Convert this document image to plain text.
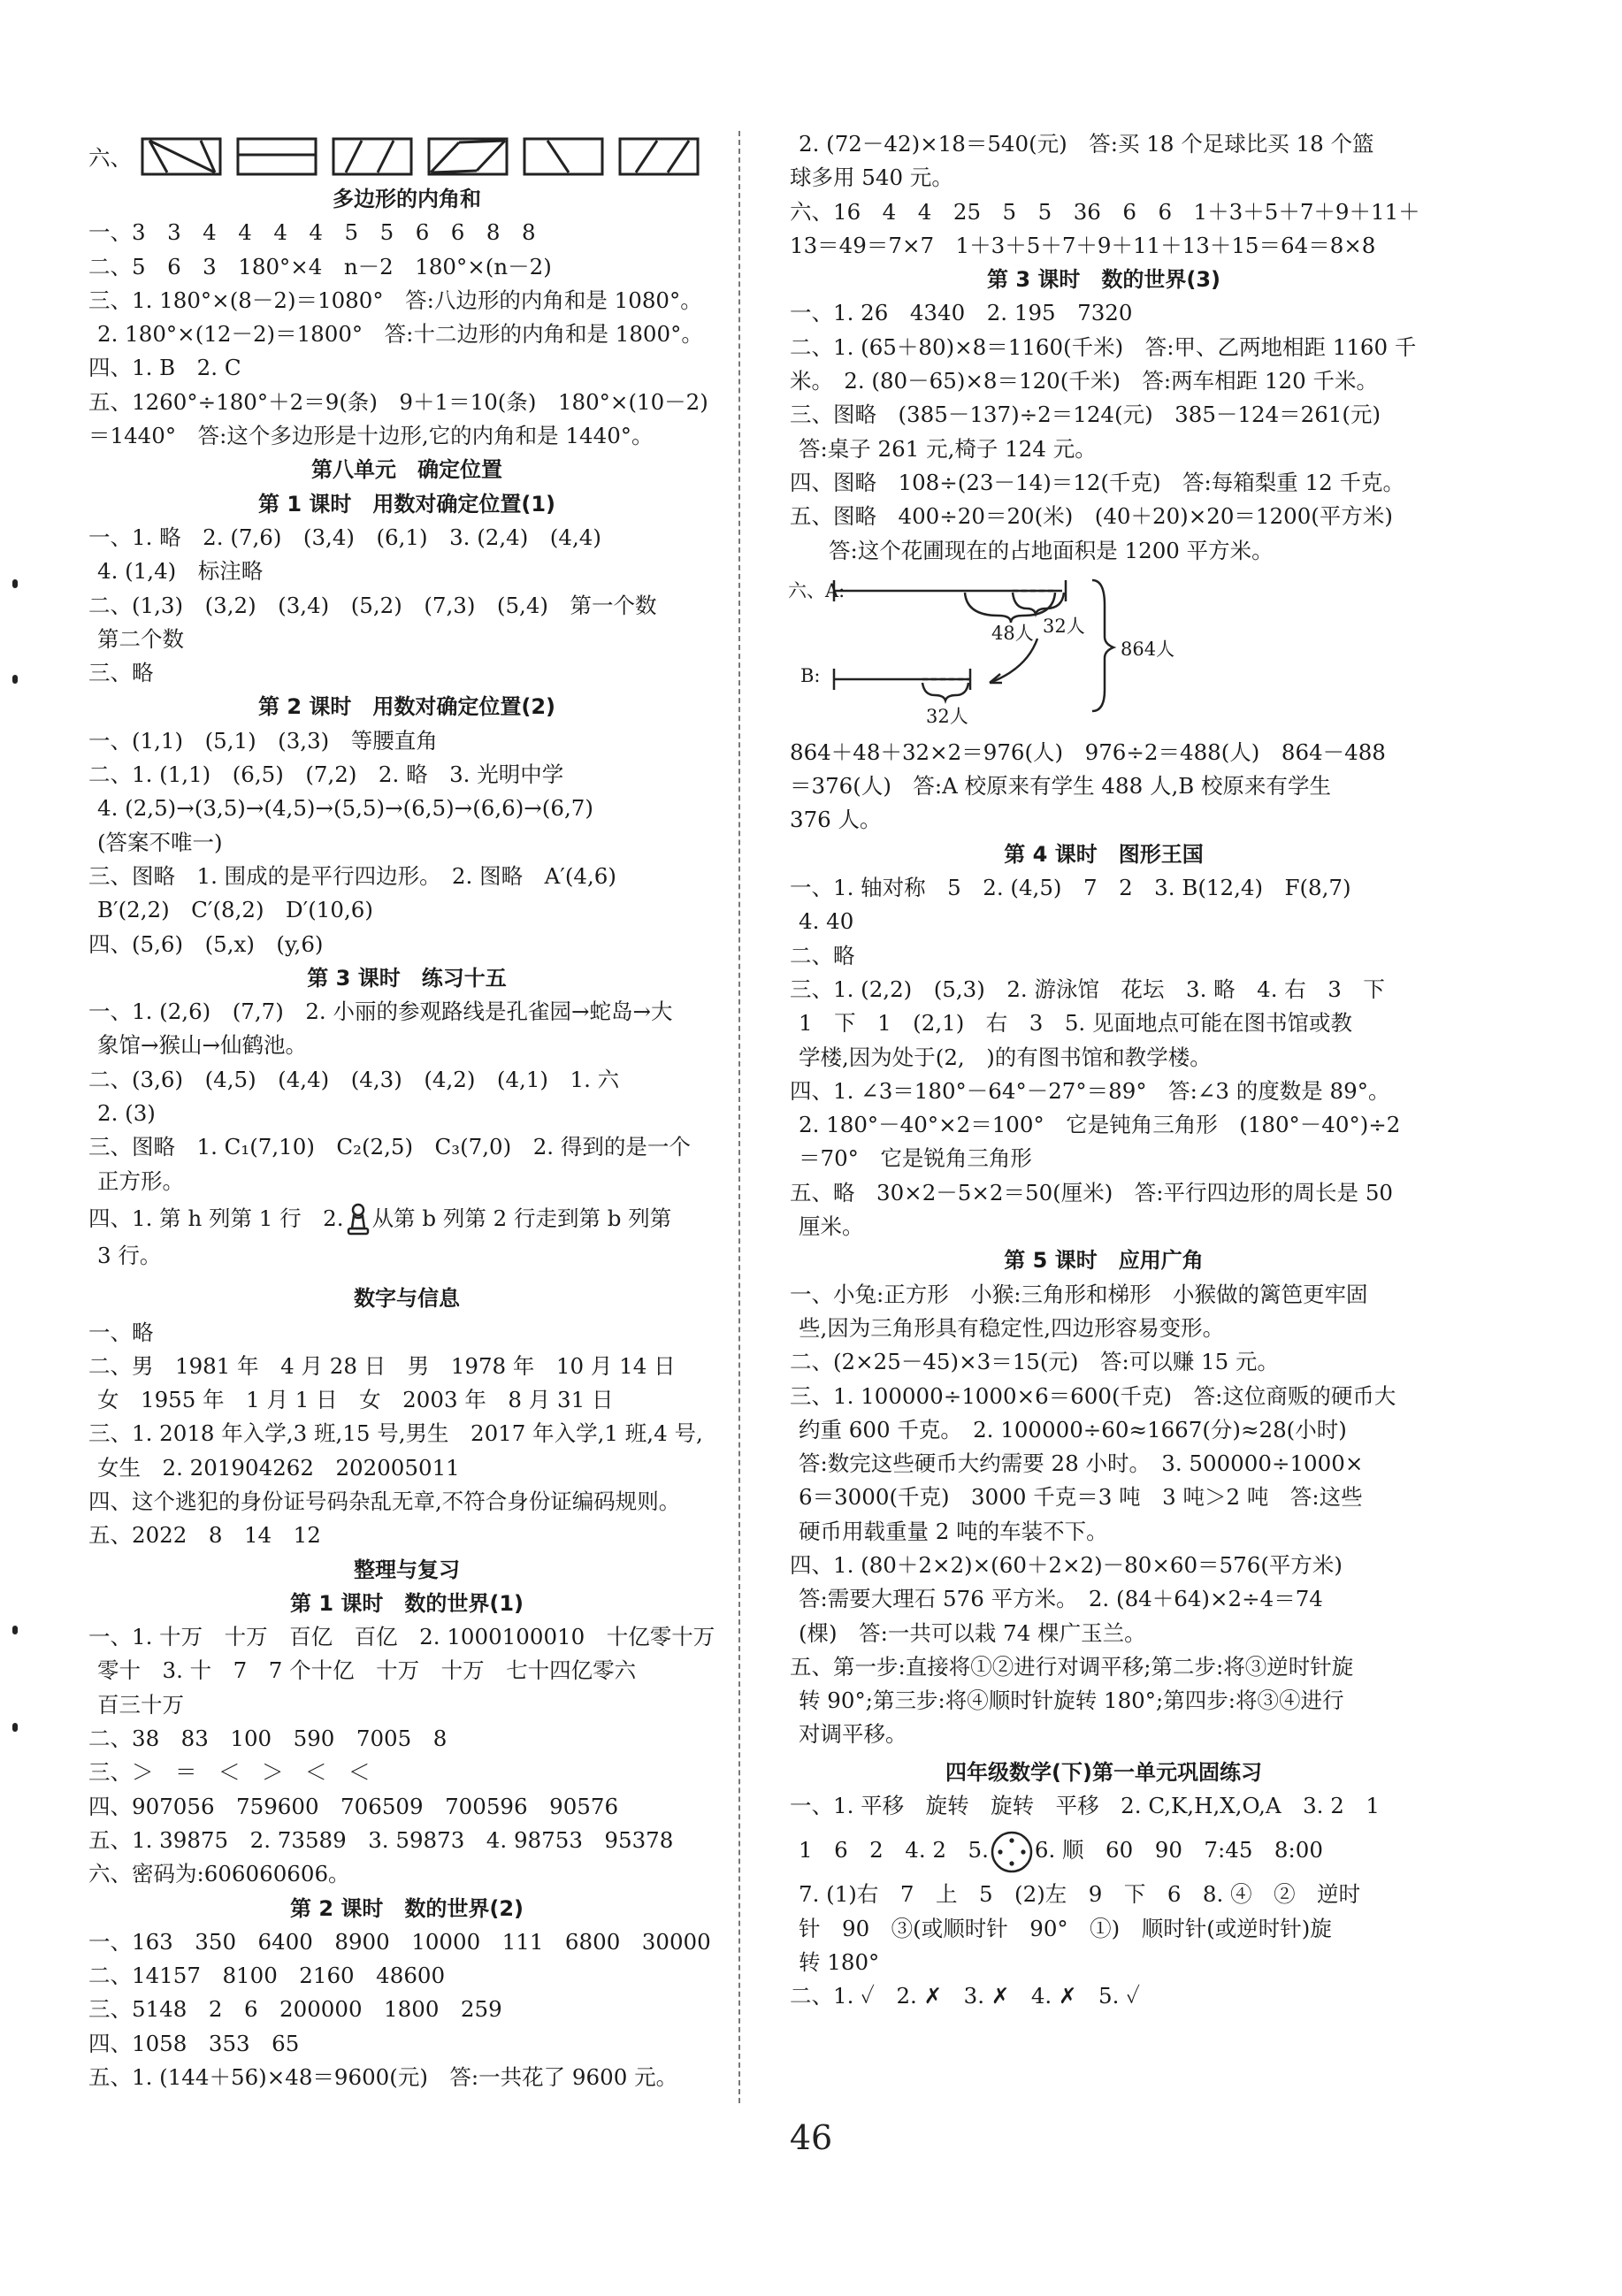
六、
多边形的内角和
一、3　3　4　4　4　4　5　5　6　6　8　8
二、5　6　3　180°×4　n－2　180°×(n－2)
三、1. 180°×(8－2)＝1080°　答:八边形的内角和是 1080°。
2. 180°×(12－2)＝1800°　答:十二边形的内角和是 1800°。
四、1. B　2. C
五、1260°÷180°＋2＝9(条)　9＋1＝10(条)　180°×(10－2)
＝1440°　答:这个多边形是十边形,它的内角和是 1440°。
第八单元　确定位置
第 1 课时　用数对确定位置(1)
一、1. 略　2. (7,6)　(3,4)　(6,1)　3. (2,4)　(4,4)
4. (1,4)　标注略
二、(1,3)　(3,2)　(3,4)　(5,2)　(7,3)　(5,4)　第一个数
第二个数
三、略
第 2 课时　用数对确定位置(2)
一、(1,1)　(5,1)　(3,3)　等腰直角
二、1. (1,1)　(6,5)　(7,2)　2. 略　3. 光明中学
4. (2,5)→(3,5)→(4,5)→(5,5)→(6,5)→(6,6)→(6,7)
(答案不唯一)
三、图略　1. 围成的是平行四边形。　2. 图略　A′(4,6)
B′(2,2)　C′(8,2)　D′(10,6)
四、(5,6)　(5,x)　(y,6)
第 3 课时　练习十五
一、1. (2,6)　(7,7)　2. 小丽的参观路线是孔雀园→蛇岛→大
象馆→猴山→仙鹤池。
二、(3,6)　(4,5)　(4,4)　(4,3)　(4,2)　(4,1)　1. 六
2. (3)
三、图略　1. C₁(7,10)　C₂(2,5)　C₃(7,0)　2. 得到的是一个
正方形。
四、1. 第 h 列第 1 行　2. 从第 b 列第 2 行走到第 b 列第
3 行。
数字与信息
一、略
二、男　1981 年　4 月 28 日　男　1978 年　10 月 14 日
女　1955 年　1 月 1 日　女　2003 年　8 月 31 日
三、1. 2018 年入学,3 班,15 号,男生　2017 年入学,1 班,4 号,
女生　2. 201904262　202005011
四、这个逃犯的身份证号码杂乱无章,不符合身份证编码规则。
五、2022　8　14　12
整理与复习
第 1 课时　数的世界(1)
一、1. 十万　十万　百亿　百亿　2. 1000100010　十亿零十万
零十　3. 十　7　7 个十亿　十万　十万　七十四亿零六
百三十万
二、38　83　100　590　7005　8
三、＞　＝　＜　＞　＜　＜
四、907056　759600　706509　700596　90576
五、1. 39875　2. 73589　3. 59873　4. 98753　95378
六、密码为:606060606。
第 2 课时　数的世界(2)
一、163　350　6400　8900　10000　111　6800　30000
二、14157　8100　2160　48600
三、5148　2　6　200000　1800　259
四、1058　353　65
五、1. (144＋56)×48＝9600(元)　答:一共花了 9600 元。
2. (72－42)×18＝540(元)　答:买 18 个足球比买 18 个篮
球多用 540 元。
六、16　4　4　25　5　5　36　6　6　1＋3＋5＋7＋9＋11＋
13＝49＝7×7　1＋3＋5＋7＋9＋11＋13＋15＝64＝8×8
第 3 课时　数的世界(3)
一、1. 26　4340　2. 195　7320
二、1. (65＋80)×8＝1160(千米)　答:甲、乙两地相距 1160 千
米。　2. (80－65)×8＝120(千米)　答:两车相距 120 千米。
三、图略　(385－137)÷2＝124(元)　385－124＝261(元)
答:桌子 261 元,椅子 124 元。
四、图略　108÷(23－14)＝12(千克)　答:每箱梨重 12 千克。
五、图略　400÷20＝20(米)　(40＋20)×20＝1200(平方米)
答:这个花圃现在的占地面积是 1200 平方米。
六、A:
B:
48人 32人
32人
864人
864＋48＋32×2＝976(人)　976÷2＝488(人)　864－488
＝376(人)　答:A 校原来有学生 488 人,B 校原来有学生
376 人。
第 4 课时　图形王国
一、1. 轴对称　5　2. (4,5)　7　2　3. B(12,4)　F(8,7)
4. 40
二、略
三、1. (2,2)　(5,3)　2. 游泳馆　花坛　3. 略　4. 右　3　下
1　下　1　(2,1)　右　3　5. 见面地点可能在图书馆或教
学楼,因为处于(2,　)的有图书馆和教学楼。
四、1. ∠3＝180°－64°－27°＝89°　答:∠3 的度数是 89°。
2. 180°－40°×2＝100°　它是钝角三角形　(180°－40°)÷2
＝70°　它是锐角三角形
五、略　30×2－5×2＝50(厘米)　答:平行四边形的周长是 50
厘米。
第 5 课时　应用广角
一、小兔:正方形　小猴:三角形和梯形　小猴做的篱笆更牢固
些,因为三角形具有稳定性,四边形容易变形。
二、(2×25－45)×3＝15(元)　答:可以赚 15 元。
三、1. 100000÷1000×6＝600(千克)　答:这位商贩的硬币大
约重 600 千克。　2. 100000÷60≈1667(分)≈28(小时)
答:数完这些硬币大约需要 28 小时。　3. 500000÷1000×
6＝3000(千克)　3000 千克＝3 吨　3 吨＞2 吨　答:这些
硬币用载重量 2 吨的车装不下。
四、1. (80＋2×2)×(60＋2×2)－80×60＝576(平方米)
答:需要大理石 576 平方米。　2. (84＋64)×2÷4＝74
(棵)　答:一共可以栽 74 棵广玉兰。
五、第一步:直接将①②进行对调平移;第二步:将③逆时针旋
转 90°;第三步:将④顺时针旋转 180°;第四步:将③④进行
对调平移。
四年级数学(下)第一单元巩固练习
一、1. 平移　旋转　旋转　平移　2. C,K,H,X,O,A　3. 2　1
1　6　2　4. 2　5. 6. 顺　60　90　7:45　8:00
7. (1)右　7　上　5　(2)左　9　下　6　8. ④　②　逆时
针　90　③(或顺时针　90°　①)　顺时针(或逆时针)旋
转 180°
二、1. ✓　2. ✗　3. ✗　4. ✗　5. ✓
46
